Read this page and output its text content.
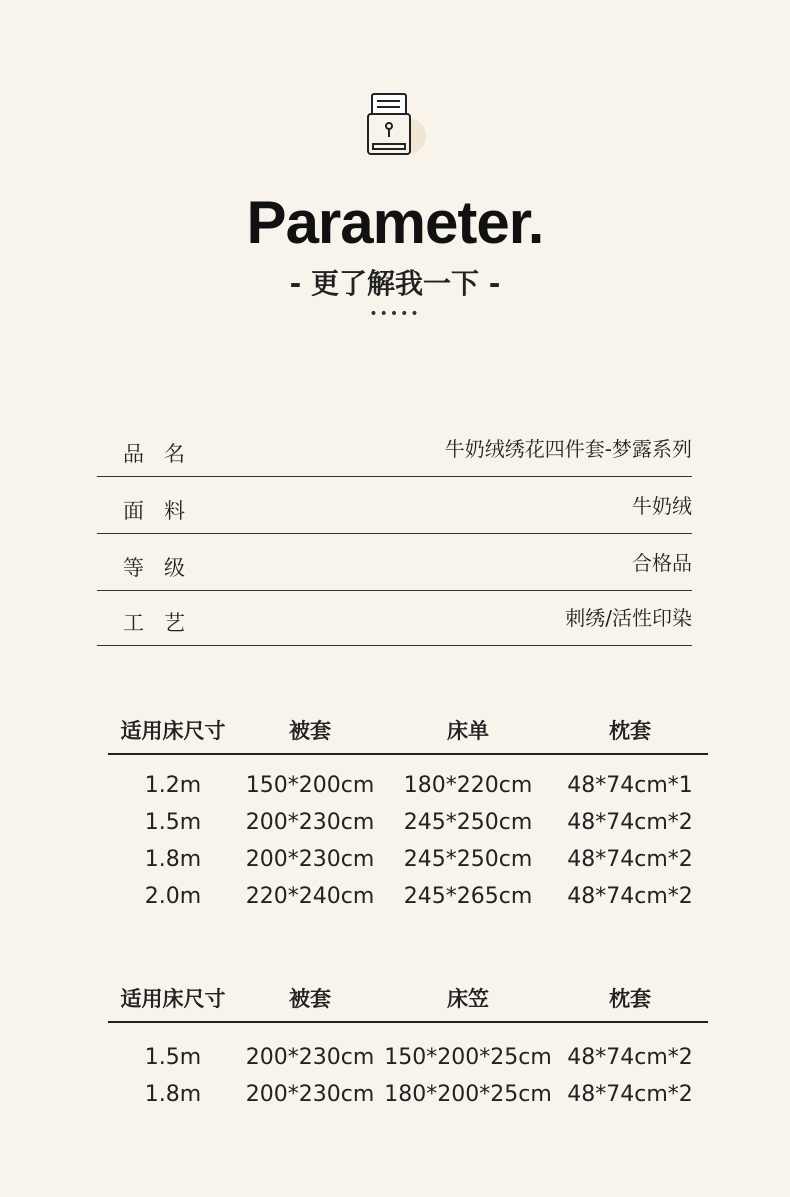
Parameter.
- 更了解我一下 -
•••••
品名	牛奶绒绣花四件套-梦露系列
面料	牛奶绒
等级	合格品
工艺	刺绣/活性印染
适用床尺寸	被套	床单	枕套
1.2m 150*200cm 180*220cm 48*74cm*1
1.5m 200*230cm 245*250cm 48*74cm*2
1.8m 200*230cm 245*250cm 48*74cm*2
2.0m 220*240cm 245*265cm 48*74cm*2
适用床尺寸	被套	床笠	枕套
1.5m 200*230cm 150*200*25cm 48*74cm*2
1.8m 200*230cm 180*200*25cm 48*74cm*2
